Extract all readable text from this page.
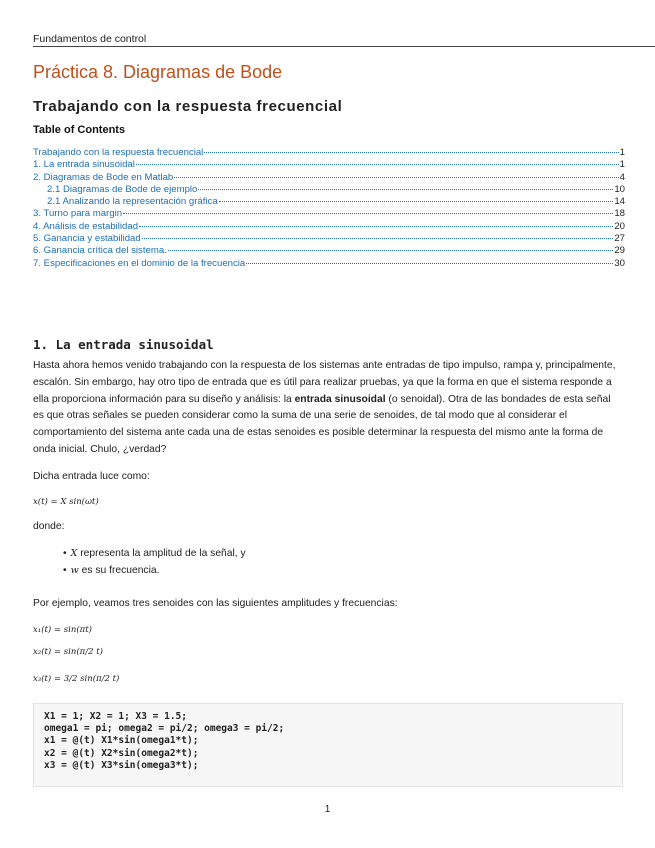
Fundamentos de control
Práctica 8. Diagramas de Bode
Trabajando con la respuesta frecuencial
Table of Contents
Trabajando con la respuesta frecuencial	1
1. La entrada sinusoidal	1
2. Diagramas de Bode en Matlab	4
2.1 Diagramas de Bode de ejemplo	10
2.1 Analizando la representación gráfica	14
3. Turno para margin	18
4. Análisis de estabilidad	20
5. Ganancia y estabilidad	27
6. Ganancia crítica del sistema.	29
7. Especificaciones en el dominio de la frecuencia	30
1. La entrada sinusoidal

Hasta ahora hemos venido trabajando con la respuesta de los sistemas ante entradas de tipo impulso, rampa y, principalmente, escalón. Sin embargo, hay otro tipo de entrada que es útil para realizar pruebas, ya que la forma en que el sistema responde a ella proporciona información para su diseño y análisis: la entrada sinusoidal (o senoidal). Otra de las bondades de esta señal es que otras señales se pueden considerar como la suma de una serie de senoides, de tal modo que al considerar el comportamiento del sistema ante cada una de estas senoides es posible determinar la respuesta del mismo ante la forma de onda inicial. Chulo, ¿verdad?

Dicha entrada luce como:

x(t) = X sin(ωt)

donde:

• X representa la amplitud de la señal, y
• w es su frecuencia.

Por ejemplo, veamos tres senoides con las siguientes amplitudes y frecuencias:

x₁(t) = sin(πt)
x₂(t) = sin(π/2 t)
x₃(t) = 3/2 sin(π/2 t)
X1 = 1; X2 = 1; X3 = 1.5;
omega1 = pi; omega2 = pi/2; omega3 = pi/2;
x1 = @(t) X1*sin(omega1*t);
x2 = @(t) X2*sin(omega2*t);
x3 = @(t) X3*sin(omega3*t);
1
